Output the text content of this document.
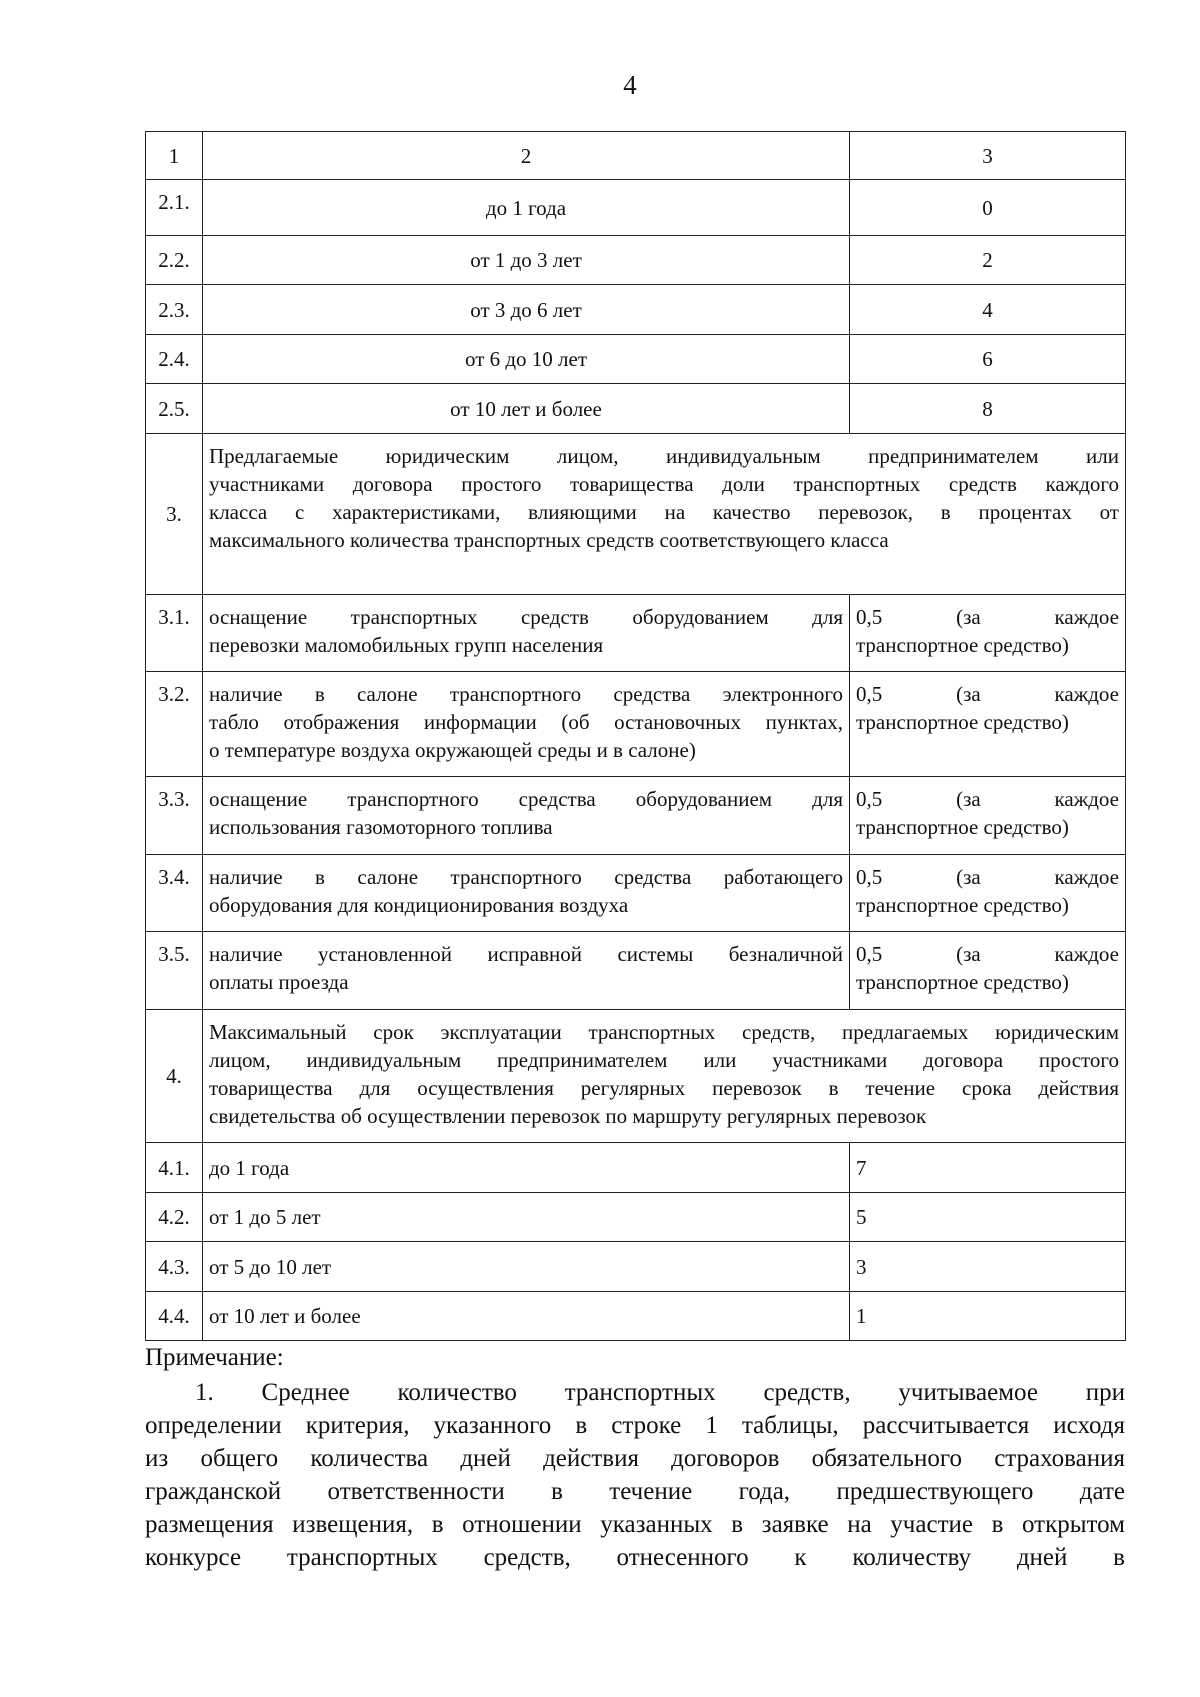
4
1	2	3
2.1.	до 1 года	0
2.2.	от 1 до 3 лет	2
2.3.	от 3 до 6 лет	4
2.4.	от 6 до 10 лет	6
2.5.	от 10 лет и более	8
3.	Предлагаемые юридическим лицом, индивидуальным предпринимателем или
участниками договора простого товарищества доли транспортных средств каждого
класса с характеристиками, влияющими на качество перевозок, в процентах от
максимального количества транспортных средств соответствующего класса	

3.1.	оснащение транспортных средств оборудованием для
перевозки маломобильных групп населения	0,5 (за каждое
транспортное средство)

3.2.	наличие в салоне транспортного средства электронного
табло отображения информации (об остановочных пунктах,
о температуре воздуха окружающей среды и в салоне)	0,5 (за каждое
транспортное средство)

3.3.	оснащение транспортного средства оборудованием для
использования газомоторного топлива	0,5 (за каждое
транспортное средство)

3.4.	наличие в салоне транспортного средства работающего
оборудования для кондиционирования воздуха	0,5 (за каждое
транспортное средство)

3.5.	наличие установленной исправной системы безналичной
оплаты проезда	0,5 (за каждое
транспортное средство)

4.	Максимальный срок эксплуатации транспортных средств, предлагаемых юридическим
лицом, индивидуальным предпринимателем или участниками договора простого
товарищества для осуществления регулярных перевозок в течение срока действия
свидетельства об осуществлении перевозок по маршруту регулярных перевозок	

4.1.	до 1 года	7
4.2.	от 1 до 5 лет	5
4.3.	от 5 до 10 лет	3
4.4.	от 10 лет и более	1
Примечание:
1. Среднее количество транспортных средств, учитываемое при
определении критерия, указанного в строке 1 таблицы, рассчитывается исходя
из общего количества дней действия договоров обязательного страхования
гражданской ответственности в течение года, предшествующего дате
размещения извещения, в отношении указанных в заявке на участие в открытом
конкурсе транспортных средств, отнесенного к количеству дней в
